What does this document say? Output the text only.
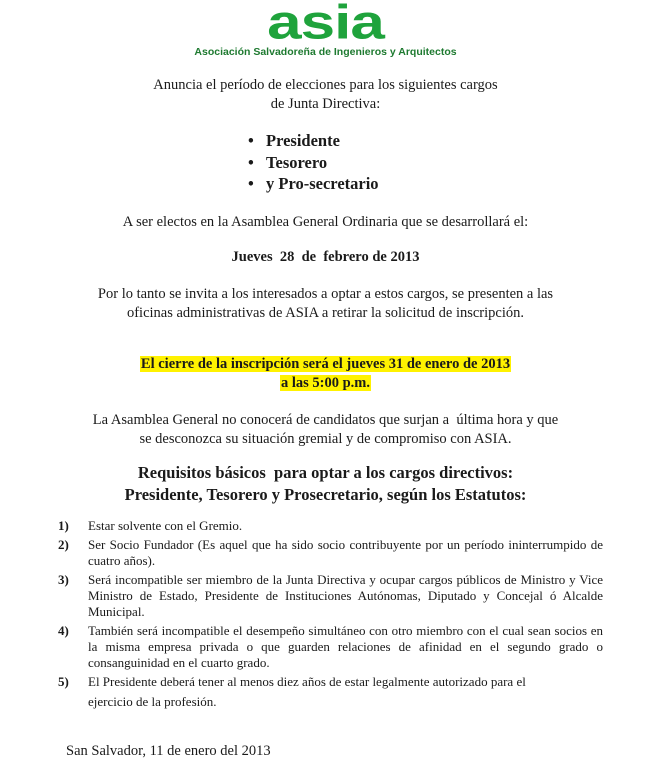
asia
Asociación Salvadoreña de Ingenieros y Arquitectos
Anuncia el período de elecciones para los siguientes cargos
de Junta Directiva:
• Presidente
• Tesorero
• y Pro-secretario
A ser electos en la Asamblea General Ordinaria que se desarrollará el:
Jueves  28  de  febrero de 2013
Por lo tanto se invita a los interesados a optar a estos cargos, se presenten a las
oficinas administrativas de ASIA a retirar la solicitud de inscripción.
El cierre de la inscripción será el jueves 31 de enero de 2013
a las 5:00 p.m.
La Asamblea General no conocerá de candidatos que surjan a  última hora y que
se desconozca su situación gremial y de compromiso con ASIA.
Requisitos básicos  para optar a los cargos directivos:
Presidente, Tesorero y Prosecretario, según los Estatutos:
1) Estar solvente con el Gremio.
2) Ser Socio Fundador (Es aquel que ha sido socio contribuyente por un período ininterrumpido de cuatro años).
3) Será incompatible ser miembro de la Junta Directiva y ocupar cargos públicos de Ministro y Vice Ministro de Estado, Presidente de Instituciones Autónomas, Diputado y Concejal ó Alcalde Municipal.
4) También será incompatible el desempeño simultáneo con otro miembro con el cual sean socios en la misma empresa privada o que guarden relaciones de afinidad en el segundo grado o consanguinidad en el cuarto grado.
5) El Presidente deberá tener al menos diez años de estar legalmente autorizado para el
ejercicio de la profesión.
San Salvador, 11 de enero del 2013
